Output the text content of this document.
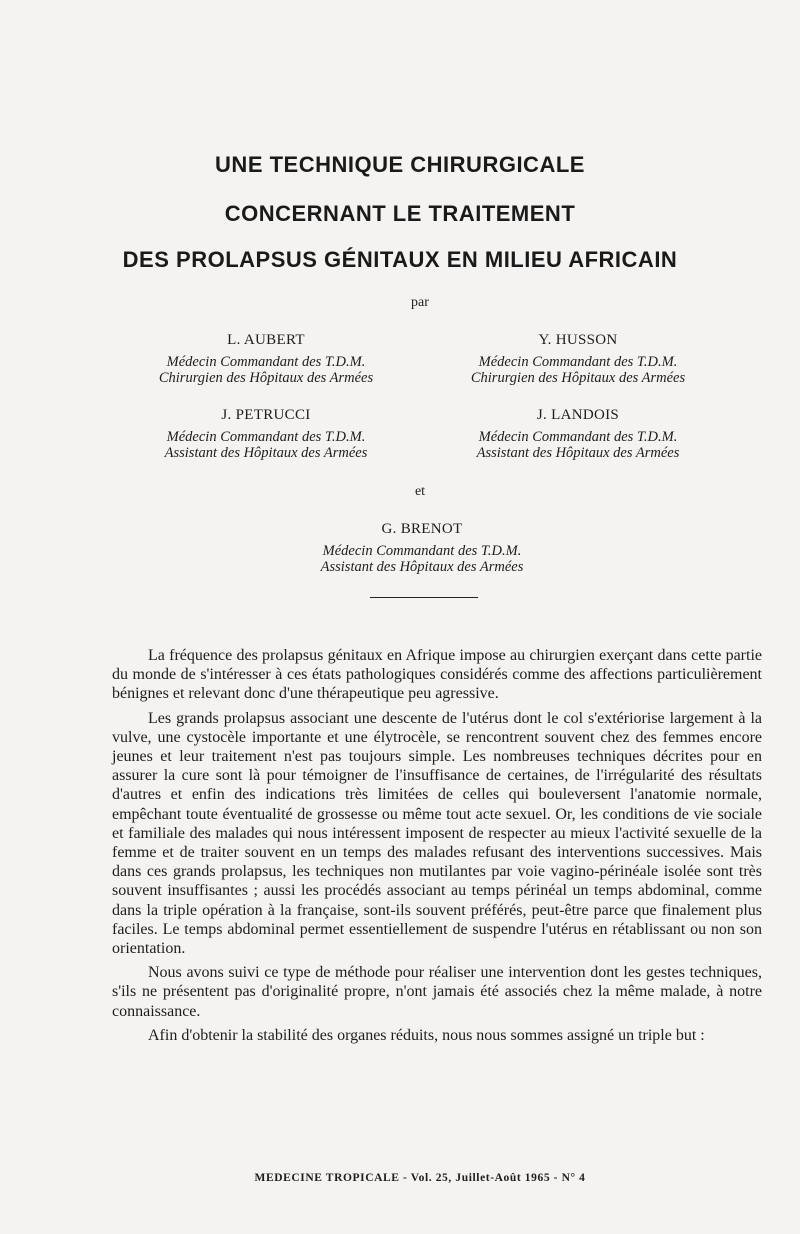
UNE TECHNIQUE CHIRURGICALE
CONCERNANT LE TRAITEMENT
DES PROLAPSUS GÉNITAUX EN MILIEU AFRICAIN
par
L. AUBERT
Médecin Commandant des T.D.M.
Chirurgien des Hôpitaux des Armées
Y. HUSSON
Médecin Commandant des T.D.M.
Chirurgien des Hôpitaux des Armées
J. PETRUCCI
Médecin Commandant des T.D.M.
Assistant des Hôpitaux des Armées
J. LANDOIS
Médecin Commandant des T.D.M.
Assistant des Hôpitaux des Armées
et
G. BRENOT
Médecin Commandant des T.D.M.
Assistant des Hôpitaux des Armées

La fréquence des prolapsus génitaux en Afrique impose au chirurgien exerçant dans cette partie du monde de s'intéresser à ces états pathologiques considérés comme des affections particulièrement bénignes et relevant donc d'une thérapeutique peu agressive.

Les grands prolapsus associant une descente de l'utérus dont le col s'extériorise largement à la vulve, une cystocèle importante et une élytrocèle, se rencontrent souvent chez des femmes encore jeunes et leur traitement n'est pas toujours simple. Les nombreuses techniques décrites pour en assurer la cure sont là pour témoigner de l'insuffisance de certaines, de l'irrégularité des résultats d'autres et enfin des indications très limitées de celles qui bouleversent l'anatomie normale, empêchant toute éventualité de grossesse ou même tout acte sexuel. Or, les conditions de vie sociale et familiale des malades qui nous intéressent imposent de respecter au mieux l'activité sexuelle de la femme et de traiter souvent en un temps des malades refusant des interventions successives. Mais dans ces grands prolapsus, les techniques non mutilantes par voie vagino-périnéale isolée sont très souvent insuffisantes ; aussi les procédés associant au temps périnéal un temps abdominal, comme dans la triple opération à la française, sont-ils souvent préférés, peut-être parce que finalement plus faciles. Le temps abdominal permet essentiellement de suspendre l'utérus en rétablissant ou non son orientation.

Nous avons suivi ce type de méthode pour réaliser une intervention dont les gestes techniques, s'ils ne présentent pas d'originalité propre, n'ont jamais été associés chez la même malade, à notre connaissance.

Afin d'obtenir la stabilité des organes réduits, nous nous sommes assigné un triple but :

MEDECINE TROPICALE - Vol. 25, Juillet-Août 1965 - N° 4
